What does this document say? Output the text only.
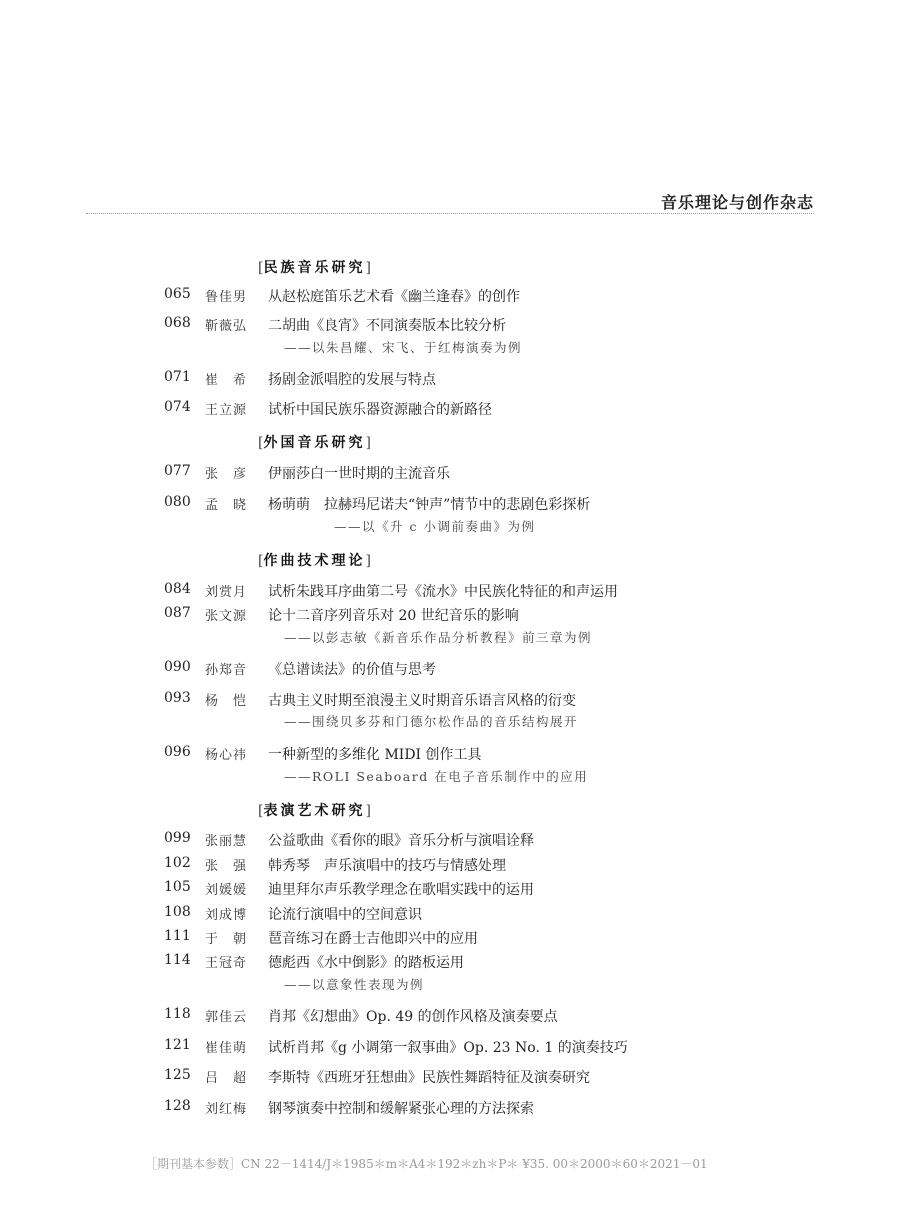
音乐理论与创作杂志
[民族音乐研究]
065	鲁佳男	从赵松庭笛乐艺术看《幽兰逢春》的创作
068	靳薇弘	二胡曲《良宵》不同演奏版本比较分析
——以朱昌耀、宋飞、于红梅演奏为例
071	崔　希	扬剧金派唱腔的发展与特点
074	王立源	试析中国民族乐器资源融合的新路径
[外国音乐研究]
077	张　彦	伊丽莎白一世时期的主流音乐
080	孟　晓	杨萌萌　拉赫玛尼诺夫“钟声”情节中的悲剧色彩探析
——以《升 c 小调前奏曲》为例
[作曲技术理论]
084	刘赏月	试析朱践耳序曲第二号《流水》中民族化特征的和声运用
087	张文源	论十二音序列音乐对 20 世纪音乐的影响
——以彭志敏《新音乐作品分析教程》前三章为例
090	孙郑音	《总谱读法》的价值与思考
093	杨　恺	古典主义时期至浪漫主义时期音乐语言风格的衍变
——围绕贝多芬和门德尔松作品的音乐结构展开
096	杨心祎	一种新型的多维化 MIDI 创作工具
——ROLI Seaboard 在电子音乐制作中的应用
[表演艺术研究]
099	张丽慧	公益歌曲《看你的眼》音乐分析与演唱诠释
102	张　强	韩秀琴　声乐演唱中的技巧与情感处理
105	刘媛媛	迪里拜尔声乐教学理念在歌唱实践中的运用
108	刘成博	论流行演唱中的空间意识
111	于　朝	琶音练习在爵士吉他即兴中的应用
114	王冠奇	德彪西《水中倒影》的踏板运用
——以意象性表现为例
118	郭佳云	肖邦《幻想曲》Op. 49 的创作风格及演奏要点
121	崔佳萌	试析肖邦《g 小调第一叙事曲》Op. 23 No. 1 的演奏技巧
125	吕　超	李斯特《西班牙狂想曲》民族性舞蹈特征及演奏研究
128	刘红梅	钢琴演奏中控制和缓解紧张心理的方法探索
［期刊基本参数］CN 22－1414/J＊1985＊m＊A4＊192＊zh＊P＊ ¥35. 00＊2000＊60＊2021－01
